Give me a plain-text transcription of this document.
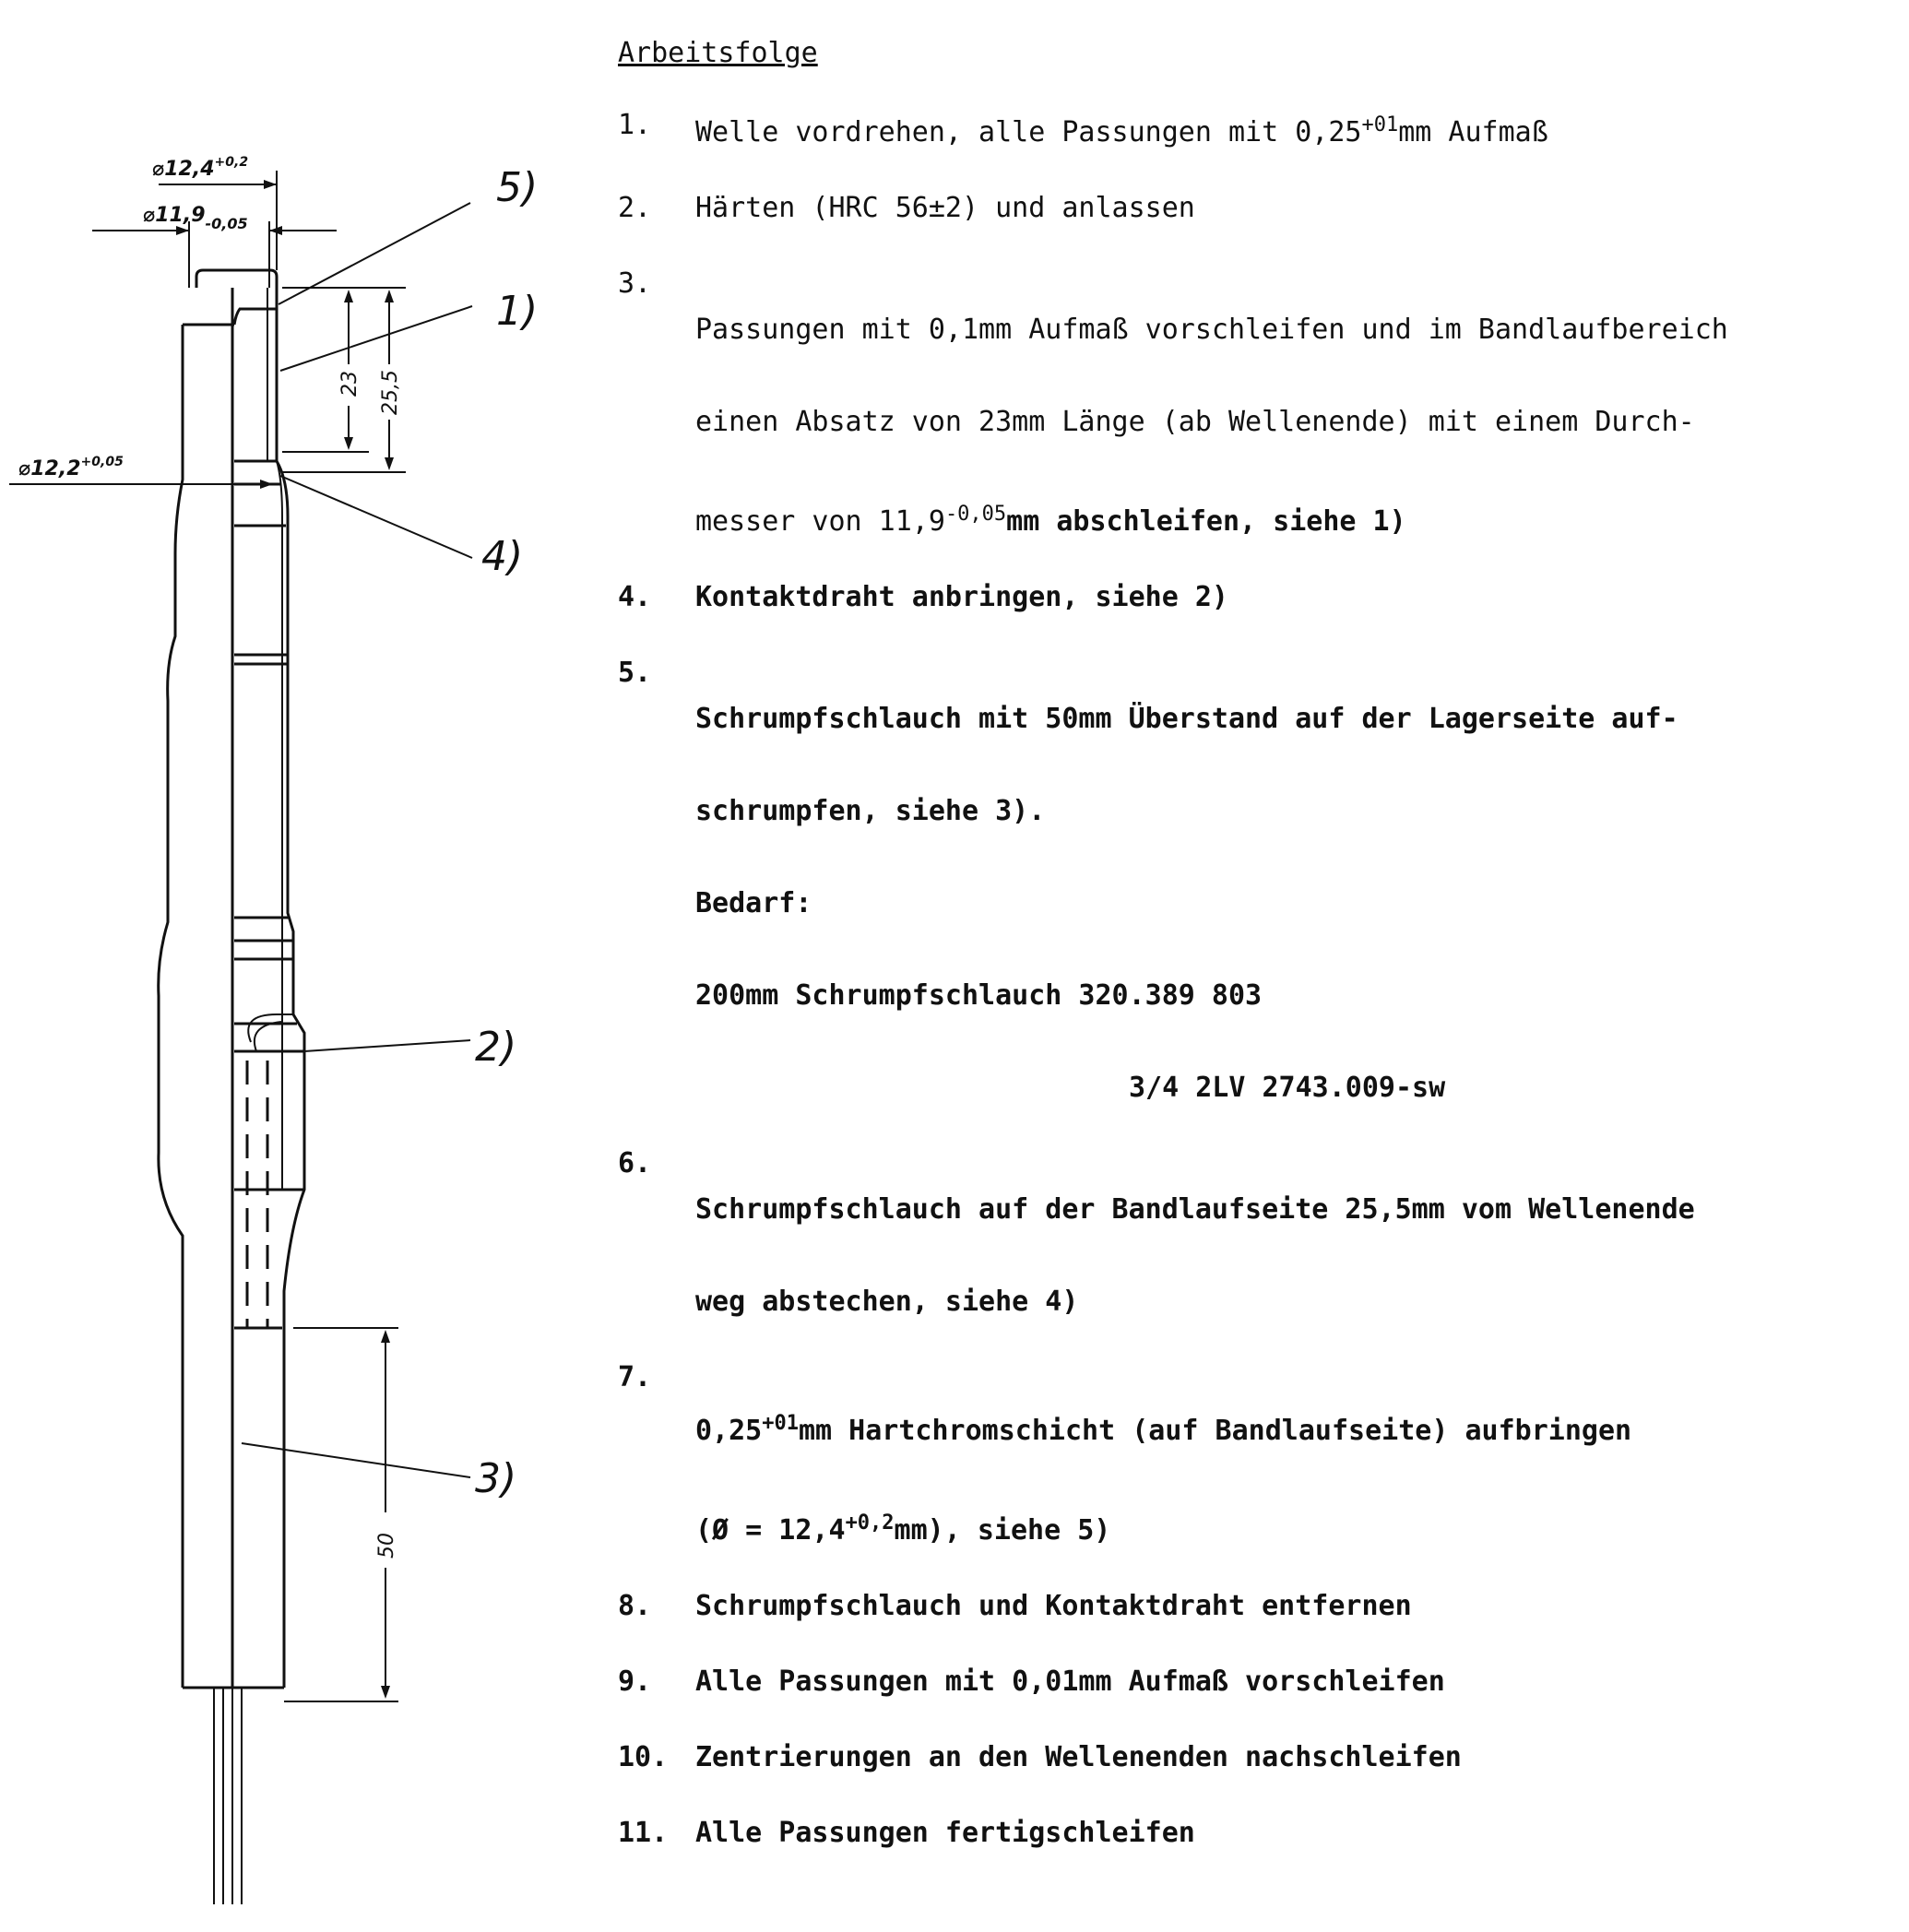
$⌀12,4^{+0,2}$
$⌀11,9_{-0,05}$
$⌀12,2^{+0,05}$
23 25,5
50
5)
1)
4)
2)
3)
Arbeitsfolge
1.	Welle vordrehen, alle Passungen mit $0,25^{+01}mm$ Aufmaß
2.	Härten (HRC 56±2) und anlassen
3.

Passungen mit 0,1mm Aufmaß vorschleifen und im Bandlaufbereich

einen Absatz von 23mm Länge (ab Wellenende) mit einem Durch-

messer von $11,9^{-0,05}mm$ abschleifen, siehe 1)

4.	Kontaktdraht anbringen, siehe 2)
5.

Schrumpfschlauch mit 50mm Überstand auf der Lagerseite auf-

schrumpfen, siehe 3).

Bedarf:

200mm Schrumpfschlauch 320.389 803

3/4 2LV 2743.009-sw

6.

Schrumpfschlauch auf der Bandlaufseite 25,5mm vom Wellenende

weg abstechen, siehe 4)

7.

$0,25^{+01}mm$ Hartchromschicht (auf Bandlaufseite) aufbringen

(Ø = $12,4^{+0,2}mm$), siehe 5)

8.	Schrumpfschlauch und Kontaktdraht entfernen
9.	Alle Passungen mit 0,01mm Aufmaß vorschleifen
10. Zentrierungen an den Wellenenden nachschleifen
11. Alle Passungen fertigschleifen
